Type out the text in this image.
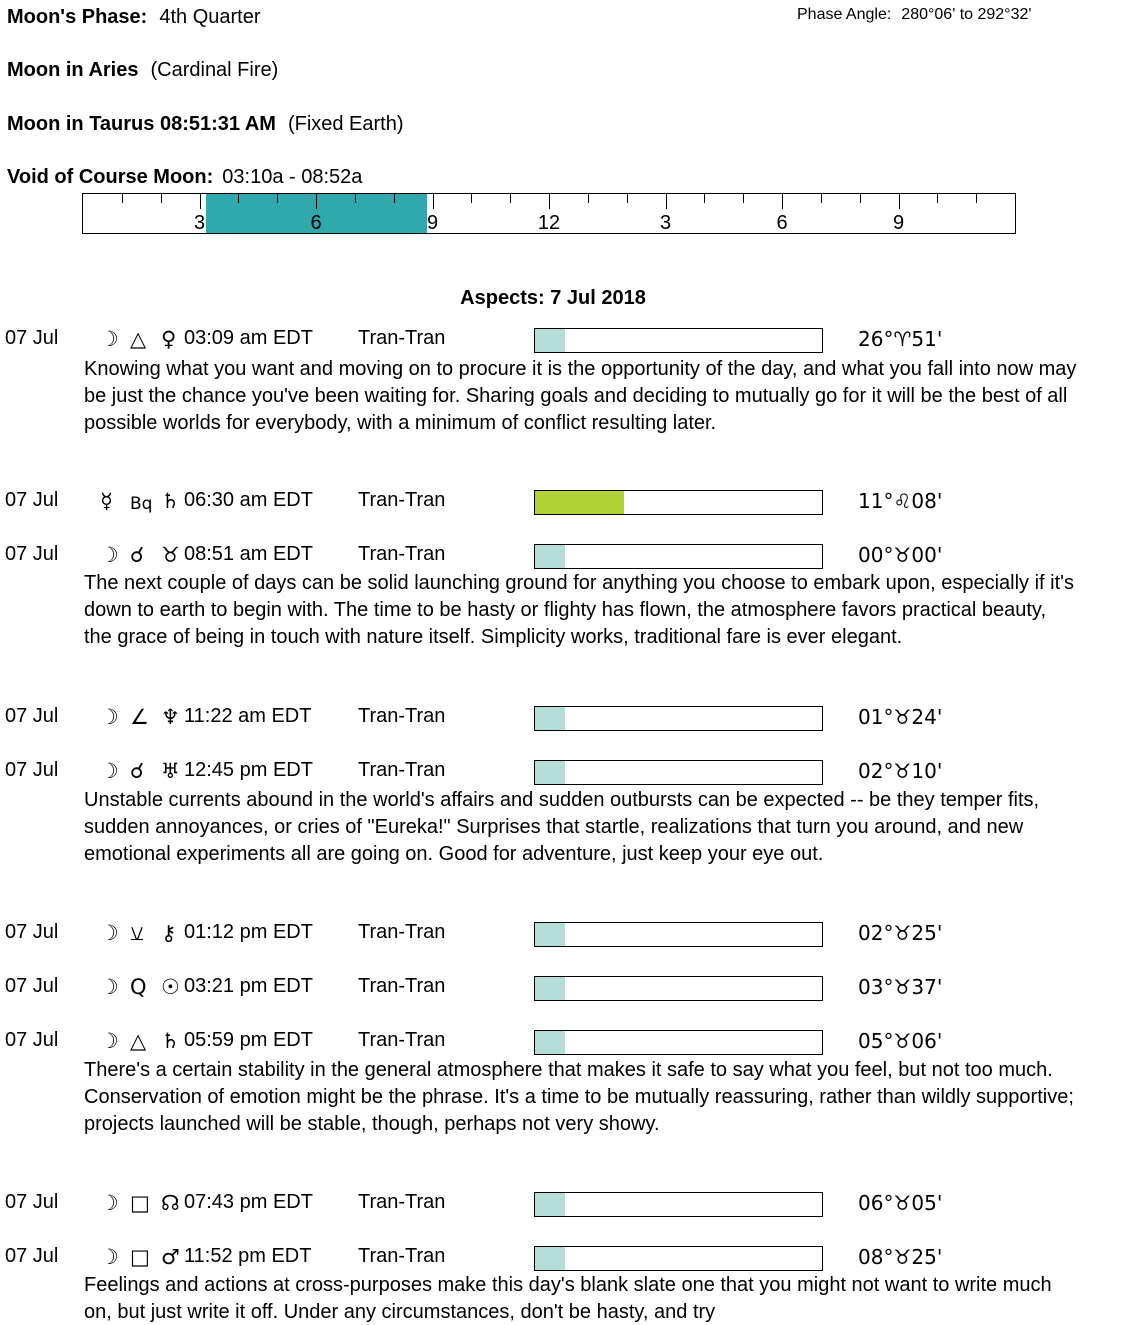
Moon's Phase: 4th Quarter	Phase Angle: 280°06' to 292°32'
Moon in Aries (Cardinal Fire)
Moon in Taurus 08:51:31 AM (Fixed Earth)
Void of Course Moon: 03:10a - 08:52a
3	6	9	12	3	6	9
Aspects: 7 Jul 2018
07 Jul ☽ △ ♀ 03:09 am EDT Tran-Tran	26°♈51'
Knowing what you want and moving on to procure it is the opportunity of the day, and what you fall into now may be just the chance you've been waiting for. Sharing goals and deciding to mutually go for it will be the best of all possible worlds for everybody, with a minimum of conflict resulting later.
07 Jul ☿ Bq ♄ 06:30 am EDT Tran-Tran	11°♌08'
07 Jul ☽ ☌ ♉ 08:51 am EDT Tran-Tran	00°♉00'
The next couple of days can be solid launching ground for anything you choose to embark upon, especially if it's down to earth to begin with. The time to be hasty or flighty has flown, the atmosphere favors practical beauty, the grace of being in touch with nature itself. Simplicity works, traditional fare is ever elegant.
07 Jul ☽ ∠ ♆ 11:22 am EDT Tran-Tran	01°♉24'
07 Jul ☽ ☌ ♅ 12:45 pm EDT Tran-Tran	02°♉10'
Unstable currents abound in the world's affairs and sudden outbursts can be expected -- be they temper fits, sudden annoyances, or cries of "Eureka!" Surprises that startle, realizations that turn you around, and new emotional experiments all are going on. Good for adventure, just keep your eye out.
07 Jul ☽ ⚺ ⚷ 01:12 pm EDT Tran-Tran	02°♉25'
07 Jul ☽ Q ☉ 03:21 pm EDT Tran-Tran	03°♉37'
07 Jul ☽ △ ♄ 05:59 pm EDT Tran-Tran	05°♉06'
There's a certain stability in the general atmosphere that makes it safe to say what you feel, but not too much. Conservation of emotion might be the phrase. It's a time to be mutually reassuring, rather than wildly supportive; projects launched will be stable, though, perhaps not very showy.
07 Jul ☽ □ ☊ 07:43 pm EDT Tran-Tran	06°♉05'
07 Jul ☽ □ ♂ 11:52 pm EDT Tran-Tran	08°♉25'
Feelings and actions at cross-purposes make this day's blank slate one that you might not want to write much on, but just write it off. Under any circumstances, don't be hasty, and try
